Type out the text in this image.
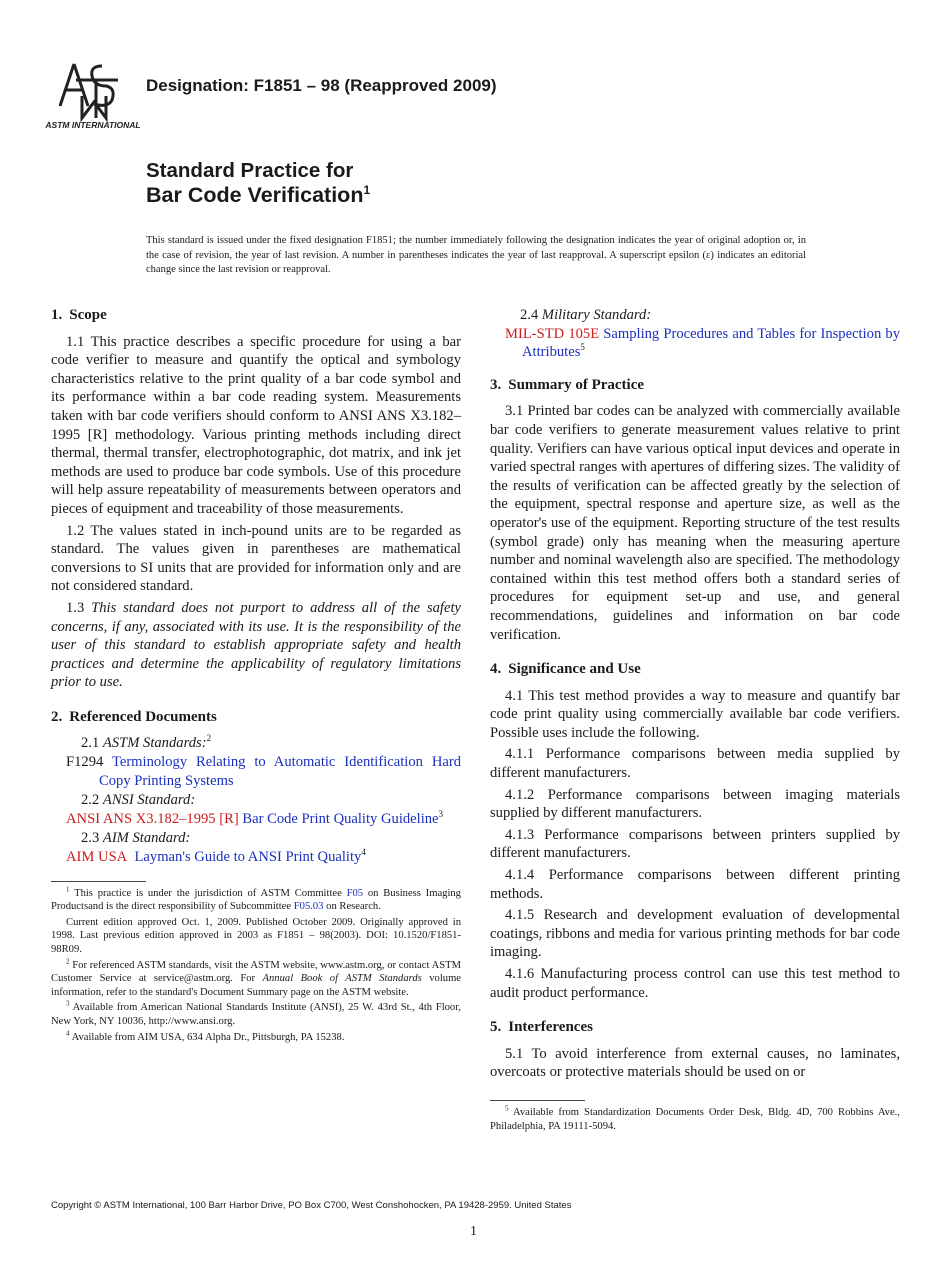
ASTM INTERNATIONAL
Designation: F1851 – 98 (Reapproved 2009)
Standard Practice for
Bar Code Verification$^1$
This standard is issued under the fixed designation F1851; the number immediately following the designation indicates the year of original adoption or, in the case of revision, the year of last revision. A number in parentheses indicates the year of last reapproval. A superscript epsilon (ε) indicates an editorial change since the last revision or reapproval.
1. Scope

1.1 This practice describes a specific procedure for using a bar code verifier to measure and quantify the optical and symbology characteristics relative to the print quality of a bar code symbol and its performance within a bar code reading system. Measurements taken with bar code verifiers should conform to ANSI ANS X3.182–1995 [R] methodology. Various printing methods including direct thermal, thermal transfer, electrophotographic, dot matrix, and ink jet methods are used to produce bar code symbols. Use of this procedure will help assure repeatability of measurements between operators and pieces of equipment and traceability of those measurements.

1.2 The values stated in inch-pound units are to be regarded as standard. The values given in parentheses are mathematical conversions to SI units that are provided for information only and are not considered standard.

1.3 This standard does not purport to address all of the safety concerns, if any, associated with its use. It is the responsibility of the user of this standard to establish appropriate safety and health practices and determine the applicability of regulatory limitations prior to use.

2. Referenced Documents

2.1 ASTM Standards:$^2$

F1294 Terminology Relating to Automatic Identification Hard Copy Printing Systems

2.2 ANSI Standard:

ANSI ANS X3.182–1995 [R] Bar Code Print Quality Guideline$^3$

2.3 AIM Standard:

AIM USA Layman's Guide to ANSI Print Quality$^4$

$^1$ This practice is under the jurisdiction of ASTM Committee F05 on Business Imaging Productsand is the direct responsibility of Subcommittee F05.03 on Research.

Current edition approved Oct. 1, 2009. Published October 2009. Originally approved in 1998. Last previous edition approved in 2003 as F1851 – 98(2003). DOI: 10.1520/F1851-98R09.

$^2$ For referenced ASTM standards, visit the ASTM website, www.astm.org, or contact ASTM Customer Service at service@astm.org. For Annual Book of ASTM Standards volume information, refer to the standard's Document Summary page on the ASTM website.

$^3$ Available from American National Standards Institute (ANSI), 25 W. 43rd St., 4th Floor, New York, NY 10036, http://www.ansi.org.

$^4$ Available from AIM USA, 634 Alpha Dr., Pittsburgh, PA 15238.

2.4 Military Standard:

MIL-STD 105E Sampling Procedures and Tables for Inspection by Attributes$^5$
3. Summary of Practice

3.1 Printed bar codes can be analyzed with commercially available bar code verifiers to generate measurement values relative to print quality. Verifiers can have various optical input devices and operate in varied spectral ranges with apertures of differing sizes. The validity of the results of verification can be affected greatly by the selection of the equipment, spectral response and aperture size, as well as the operator's use of the equipment. Reporting structure of the test results (symbol grade) only has meaning when the measuring aperture number and nominal wavelength also are specified. The methodology contained within this test method offers both a standard series of procedures for equipment set-up and use, and general recommendations, guidelines and information on bar code verification.

4. Significance and Use

4.1 This test method provides a way to measure and quantify bar code print quality using commercially available bar code verifiers. Possible uses include the following.

4.1.1 Performance comparisons between media supplied by different manufacturers.

4.1.2 Performance comparisons between imaging materials supplied by different manufacturers.

4.1.3 Performance comparisons between printers supplied by different manufacturers.

4.1.4 Performance comparisons between different printing methods.

4.1.5 Research and development evaluation of developmental coatings, ribbons and media for various printing methods for bar code imaging.

4.1.6 Manufacturing process control can use this test method to audit product performance.

5. Interferences

5.1 To avoid interference from external causes, no laminates, overcoats or protective materials should be used on or

$^5$ Available from Standardization Documents Order Desk, Bldg. 4D, 700 Robbins Ave., Philadelphia, PA 19111-5094.

Copyright © ASTM International, 100 Barr Harbor Drive, PO Box C700, West Conshohocken, PA 19428-2959. United States
1
